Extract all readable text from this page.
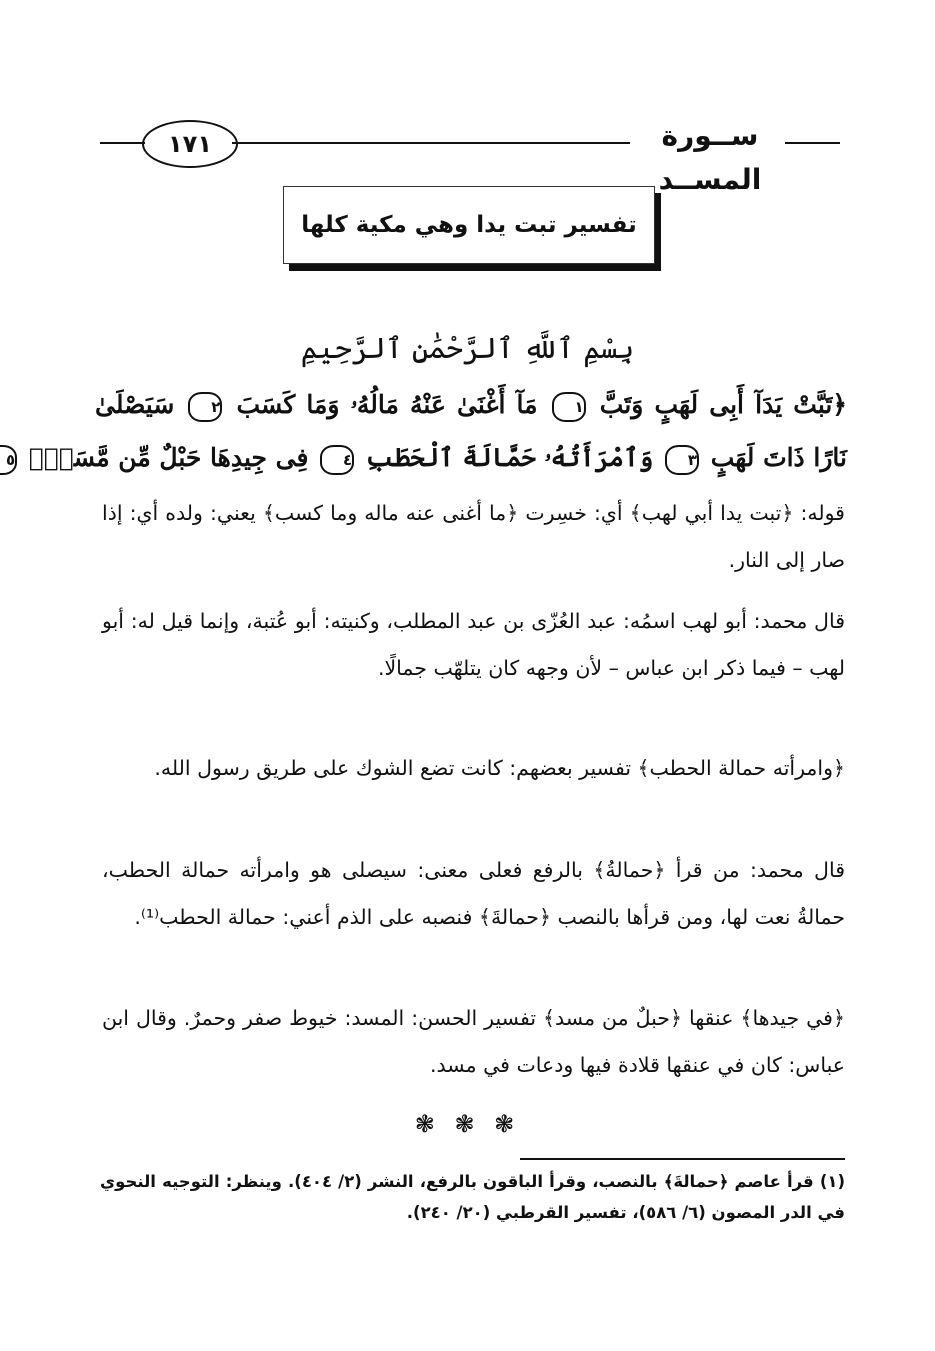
١٧١	ســورة المســد
تفسير تبت يدا وهي مكية كلها
بِسْمِ ٱللَّهِ ٱلرَّحْمَٰنِ ٱلرَّحِيمِ
﴿تَبَّتْ يَدَآ أَبِى لَهَبٍ وَتَبَّ ١ مَآ أَغْنَىٰ عَنْهُ مَالُهُۥ وَمَا كَسَبَ ٢ سَيَصْلَىٰ
نَارًا ذَاتَ لَهَبٍ ٣ وَٱمْرَأَتُهُۥ حَمَّالَةَ ٱلْحَطَبِ ٤ فِى جِيدِهَا حَبْلٌ مِّن مَّسَدٍۭ ٥
قوله: ﴿تبت يدا أبي لهب﴾ أي: خسِرت ﴿ما أغنى عنه ماله وما كسب﴾ يعني: ولده أي: إذا صار إلى النار.
قال محمد: أبو لهب اسمُه: عبد العُزّى بن عبد المطلب، وكنيته: أبو عُتبة، وإنما قيل له: أبو لهب – فيما ذكر ابن عباس – لأن وجهه كان يتلهّب جمالًا.
﴿وامرأته حمالة الحطب﴾ تفسير بعضهم: كانت تضع الشوك على طريق رسول الله.
قال محمد: من قرأ ﴿حمالةُ﴾ بالرفع فعلى معنى: سيصلى هو وامرأته حمالة الحطب، حمالةُ نعت لها، ومن قرأها بالنصب ﴿حمالةَ﴾ فنصبه على الذم أعني: حمالة الحطب⁽¹⁾.
﴿في جيدها﴾ عنقها ﴿حبلٌ من مسد﴾ تفسير الحسن: المسد: خيوط صفر وحمرٌ. وقال ابن عباس: كان في عنقها قلادة فيها ودعات في مسد.
❃ ❃ ❃
(١) قرأ عاصم ﴿حمالةَ﴾ بالنصب، وقرأ الباقون بالرفع، النشر (٢/ ٤٠٤). وينظر: التوجيه النحوي في الدر المصون (٦/ ٥٨٦)، تفسير القرطبي (٢٠/ ٢٤٠).
